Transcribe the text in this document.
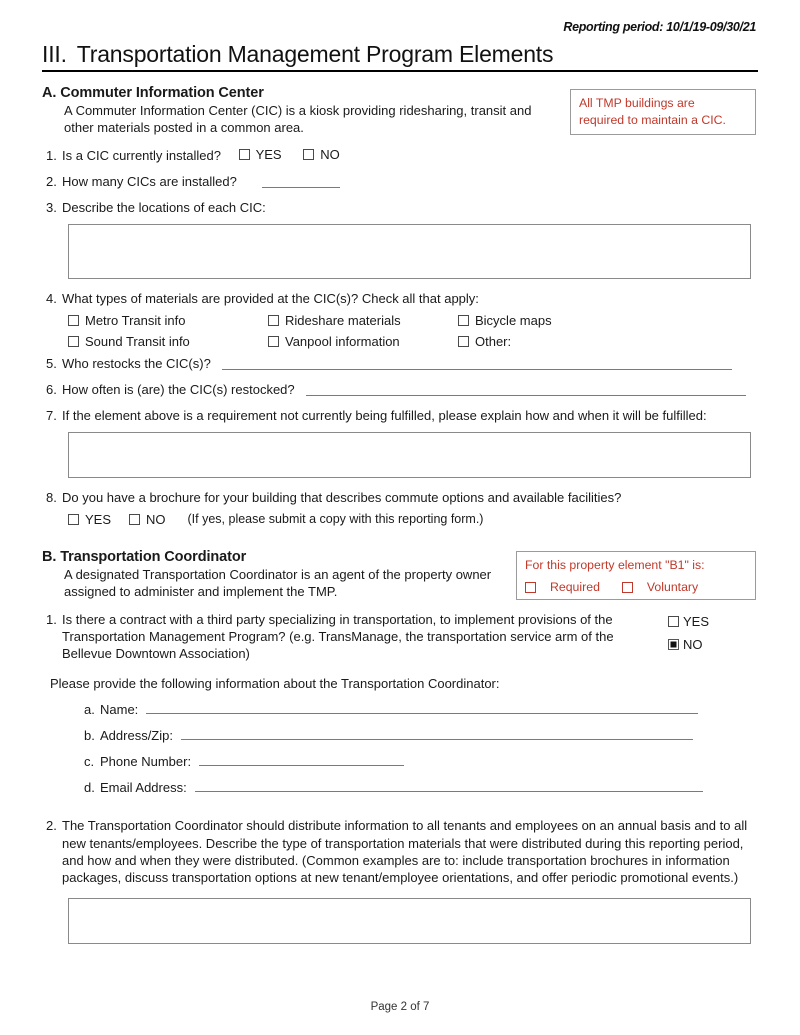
Reporting period: 10/1/19-09/30/21
III. Transportation Management Program Elements
All TMP buildings are
required to maintain a CIC.
A. Commuter Information Center
A Commuter Information Center (CIC) is a kiosk providing ridesharing, transit and other materials posted in a common area.
1. Is a CIC currently installed?	YES
	NO
2. How many CICs are installed?
3. Describe the locations of each CIC:
4. What types of materials are provided at the CIC(s)? Check all that apply:
Metro Transit info	Rideshare materials	Bicycle maps
Sound Transit info	Vanpool information	Other:
5. Who restocks the CIC(s)?
6. How often is (are) the CIC(s) restocked?
7. If the element above is a requirement not currently being fulfilled, please explain how and when it will be fulfilled:
8. Do you have a brochure for your building that describes commute options and available facilities?
YES	NO (If yes, please submit a copy with this reporting form.)
For this property element "B1" is:
Required	Voluntary
B. Transportation Coordinator
A designated Transportation Coordinator is an agent of the property owner assigned to administer and implement the TMP.
1. Is there a contract with a third party specializing in transportation, to implement provisions of the Transportation Management Program? (e.g. TransManage, the transportation service arm of the Bellevue Downtown Association)
YES
NO
Please provide the following information about the Transportation Coordinator:
a. Name:
b. Address/Zip:
c. Phone Number:
d. Email Address:
2. The Transportation Coordinator should distribute information to all tenants and employees on an annual basis and to all new tenants/employees. Describe the type of transportation materials that were distributed during this reporting period, and how and when they were distributed. (Common examples are to: include transportation brochures in information packages, discuss transportation options at new tenant/employee orientations, and offer periodic promotional events.)
Page 2 of 7
